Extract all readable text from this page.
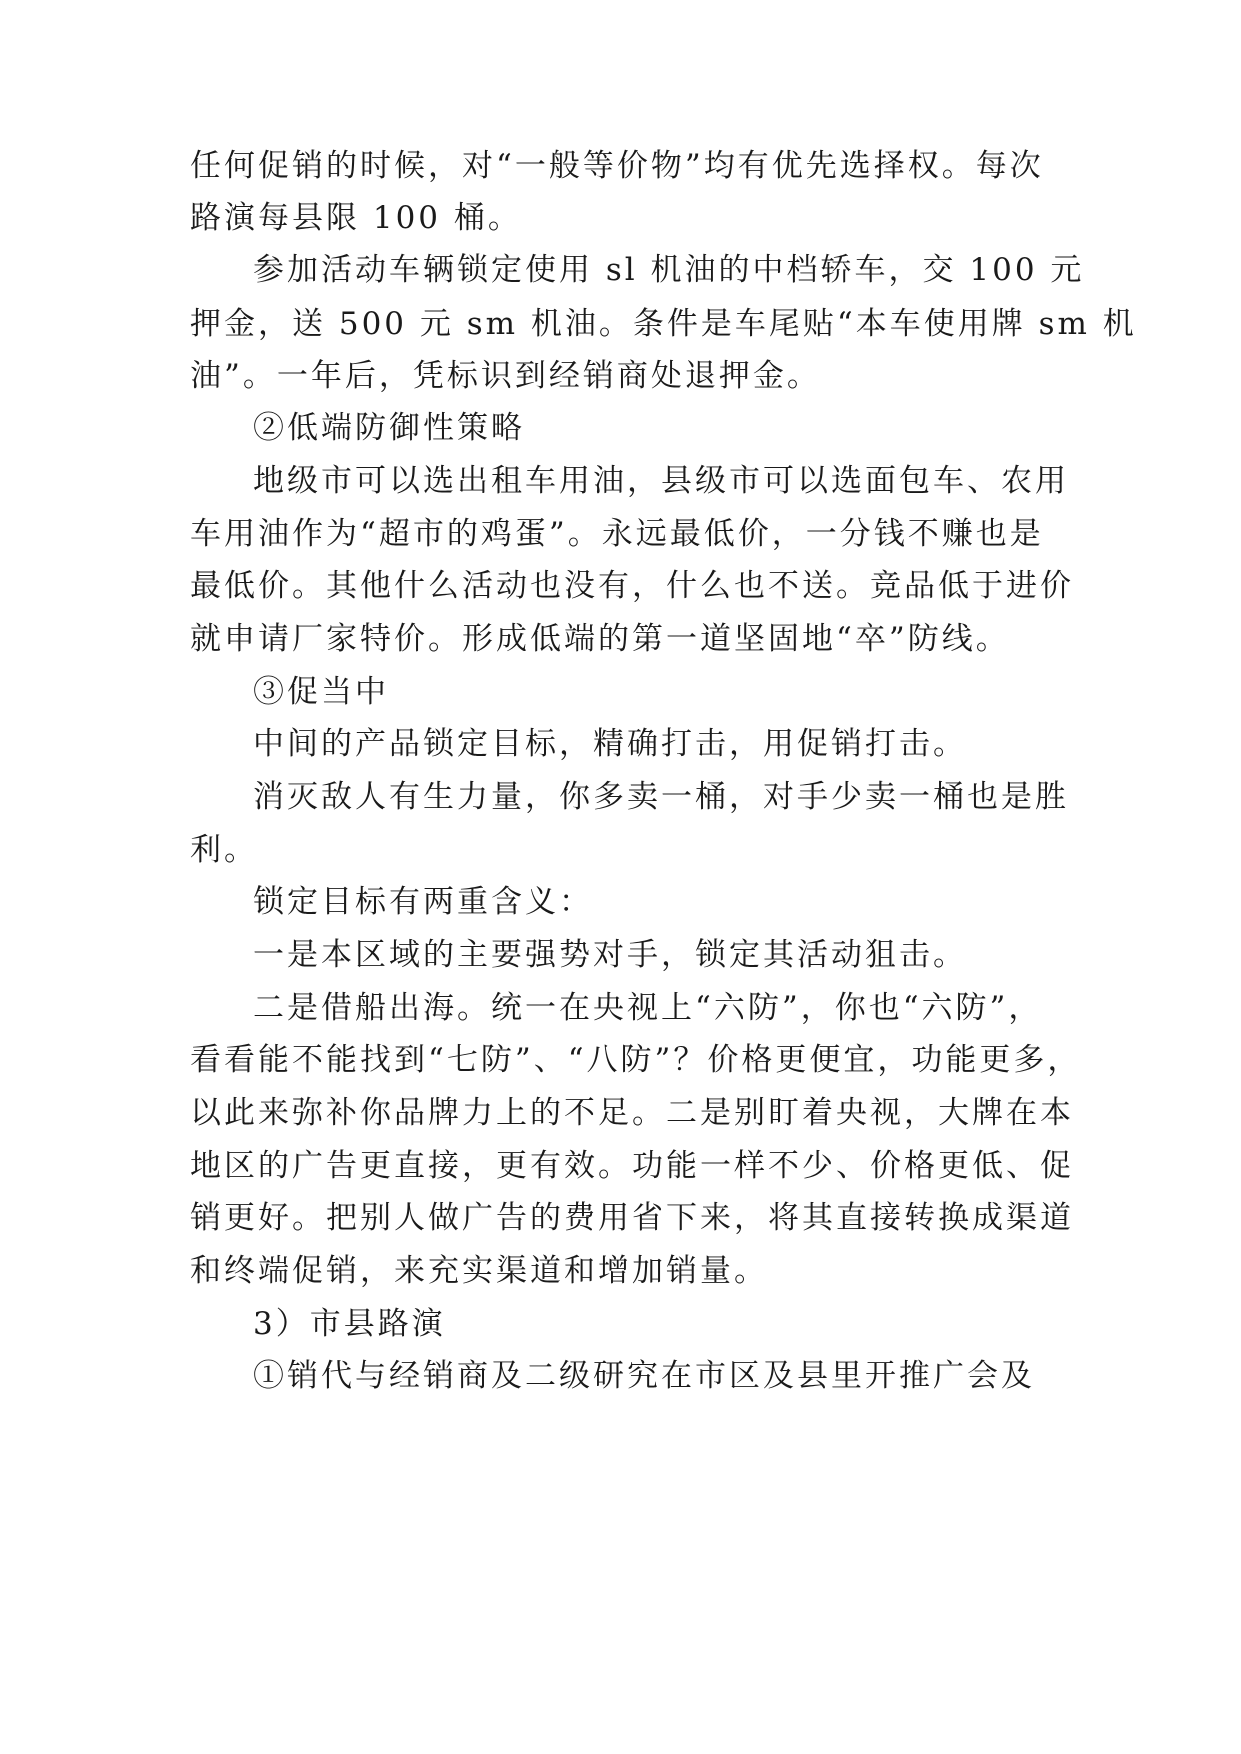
任何促销的时候，对“一般等价物”均有优先选择权。每次
路演每县限 100 桶。
参加活动车辆锁定使用 sl 机油的中档轿车，交 100 元
押金，送 500 元 sm 机油。条件是车尾贴“本车使用牌 sm 机
油”。一年后，凭标识到经销商处退押金。
②低端防御性策略
地级市可以选出租车用油，县级市可以选面包车、农用
车用油作为“超市的鸡蛋”。永远最低价，一分钱不赚也是
最低价。其他什么活动也没有，什么也不送。竞品低于进价
就申请厂家特价。形成低端的第一道坚固地“卒”防线。
③促当中
中间的产品锁定目标，精确打击，用促销打击。
消灭敌人有生力量，你多卖一桶，对手少卖一桶也是胜
利。
锁定目标有两重含义：
一是本区域的主要强势对手，锁定其活动狙击。
二是借船出海。统一在央视上“六防”，你也“六防”，
看看能不能找到“七防”、“八防”？价格更便宜，功能更多，
以此来弥补你品牌力上的不足。二是别盯着央视，大牌在本
地区的广告更直接，更有效。功能一样不少、价格更低、促
销更好。把别人做广告的费用省下来，将其直接转换成渠道
和终端促销，来充实渠道和增加销量。
3）市县路演
①销代与经销商及二级研究在市区及县里开推广会及
